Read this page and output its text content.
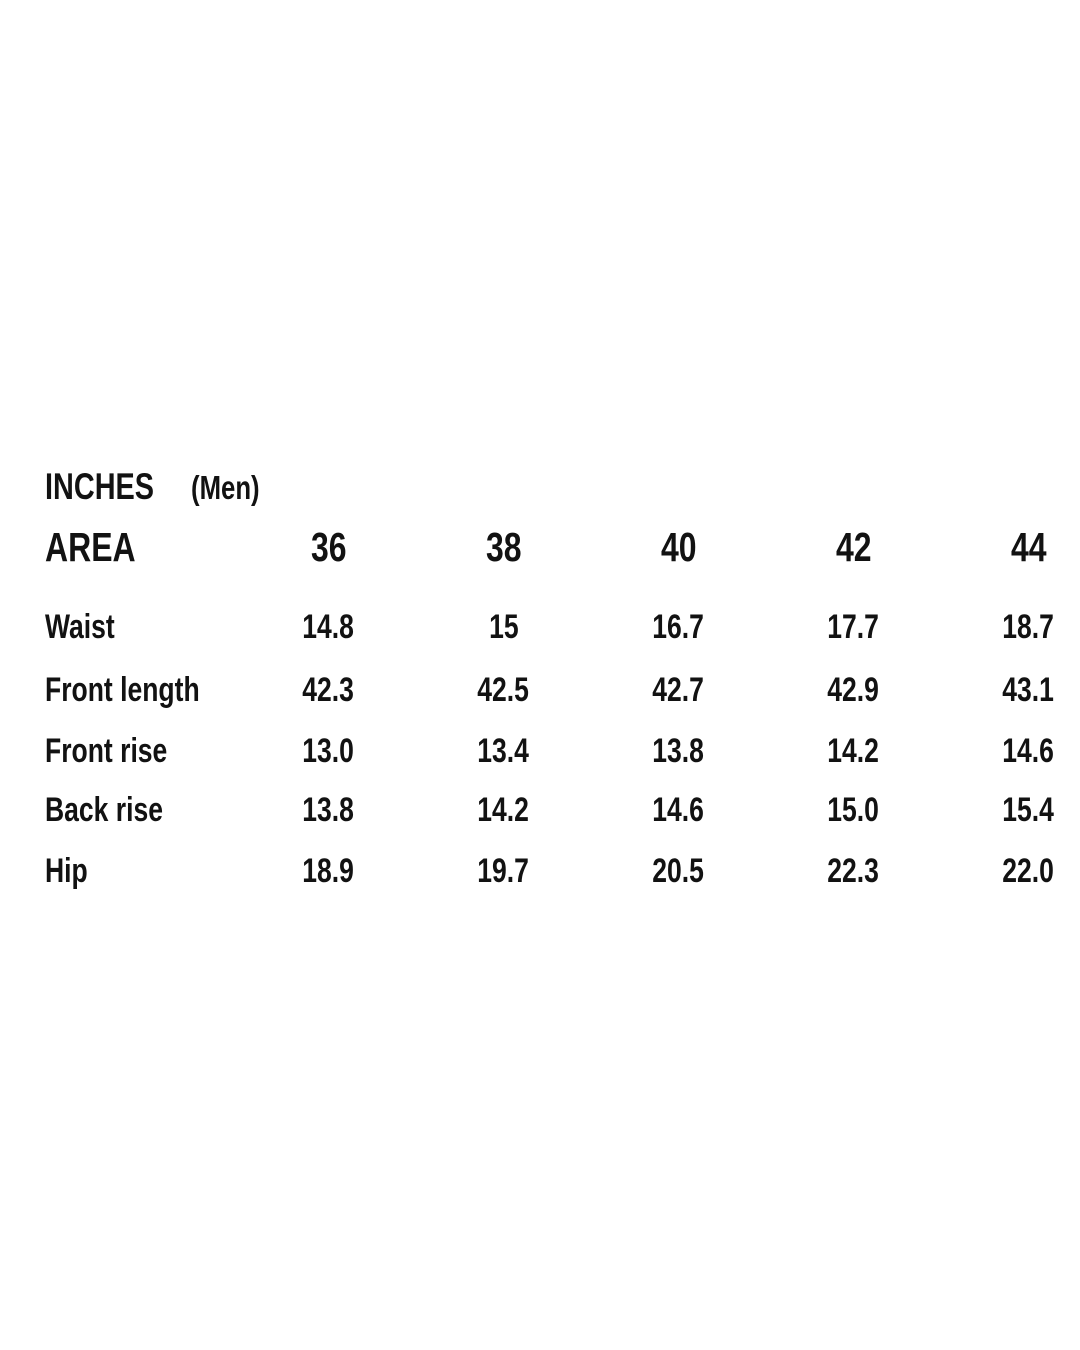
INCHES (Men)
AREA	36	38	40	42	44
Waist	14.8	15	16.7	17.7	18.7
Front length	42.3	42.5	42.7	42.9	43.1
Front rise	13.0	13.4	13.8	14.2	14.6
Back rise	13.8	14.2	14.6	15.0	15.4
Hip	18.9	19.7	20.5	22.3	22.0
